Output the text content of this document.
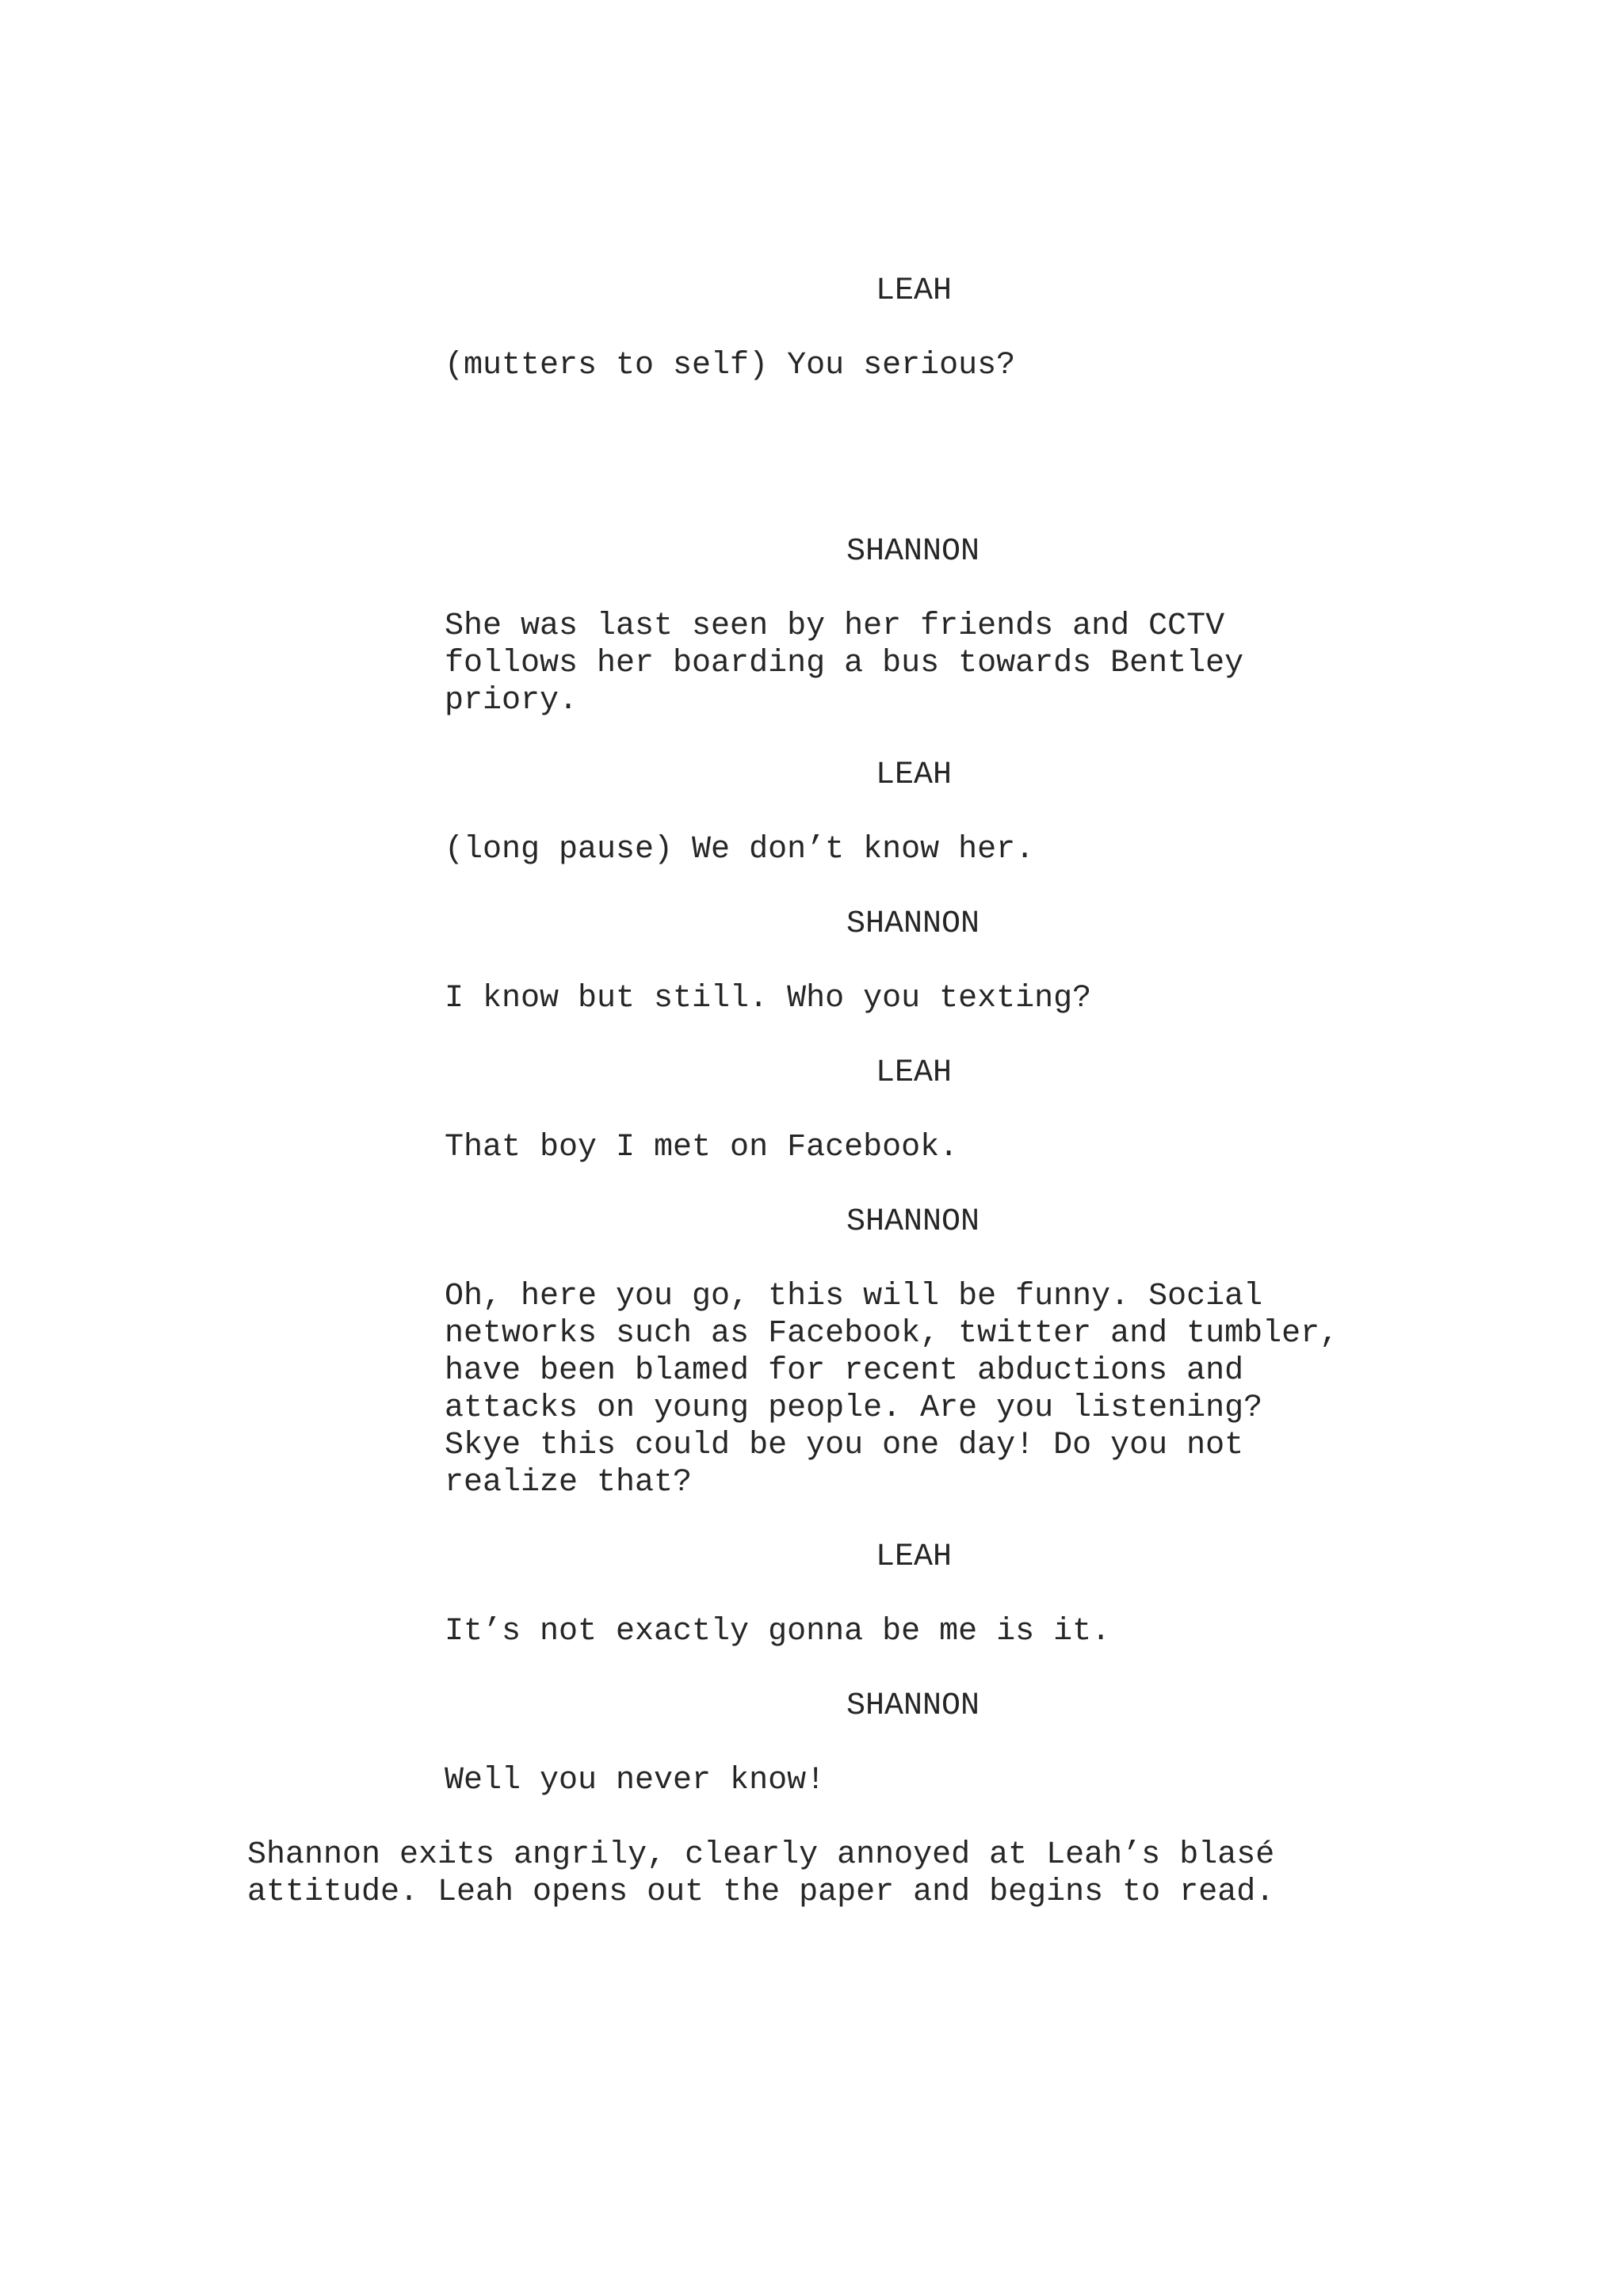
LEAH

(mutters to self) You serious?

SHANNON

She was last seen by her friends and CCTV

follows her boarding a bus towards Bentley

priory.

LEAH

(long pause) We don’t know her.

SHANNON

I know but still. Who you texting?

LEAH

That boy I met on Facebook.

SHANNON

Oh, here you go, this will be funny. Social

networks such as Facebook, twitter and tumbler,

have been blamed for recent abductions and

attacks on young people. Are you listening?

Skye this could be you one day! Do you not

realize that?

LEAH

It’s not exactly gonna be me is it.

SHANNON

Well you never know!

Shannon exits angrily, clearly annoyed at Leah’s blasé

attitude. Leah opens out the paper and begins to read.
